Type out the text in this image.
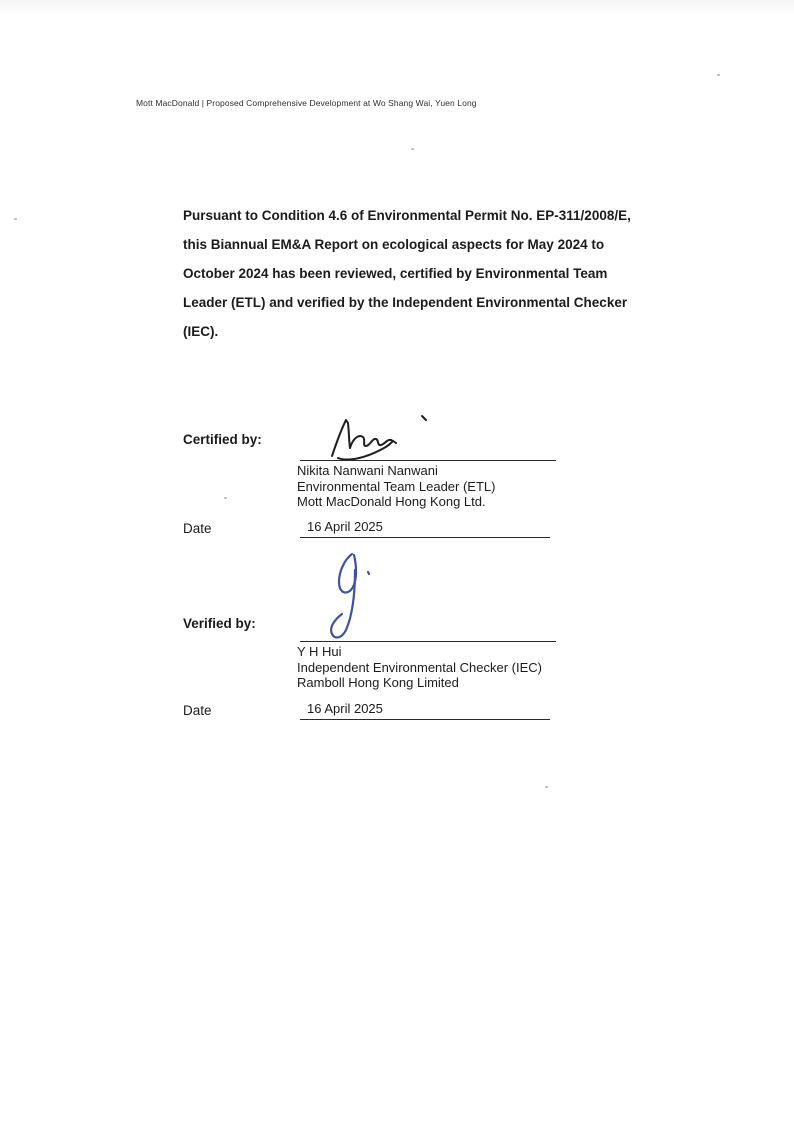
Mott MacDonald | Proposed Comprehensive Development at Wo Shang Wai, Yuen Long
Pursuant to Condition 4.6 of Environmental Permit No. EP-311/2008/E,
this Biannual EM&A Report on ecological aspects for May 2024 to
October 2024 has been reviewed, certified by Environmental Team
Leader (ETL) and verified by the Independent Environmental Checker
(IEC).
Certified by:
Nikita Nanwani Nanwani
Environmental Team Leader (ETL)
Mott MacDonald Hong Kong Ltd.
Date	16 April 2025
Verified by:
Y H Hui
Independent Environmental Checker (IEC)
Ramboll Hong Kong Limited
Date	16 April 2025
